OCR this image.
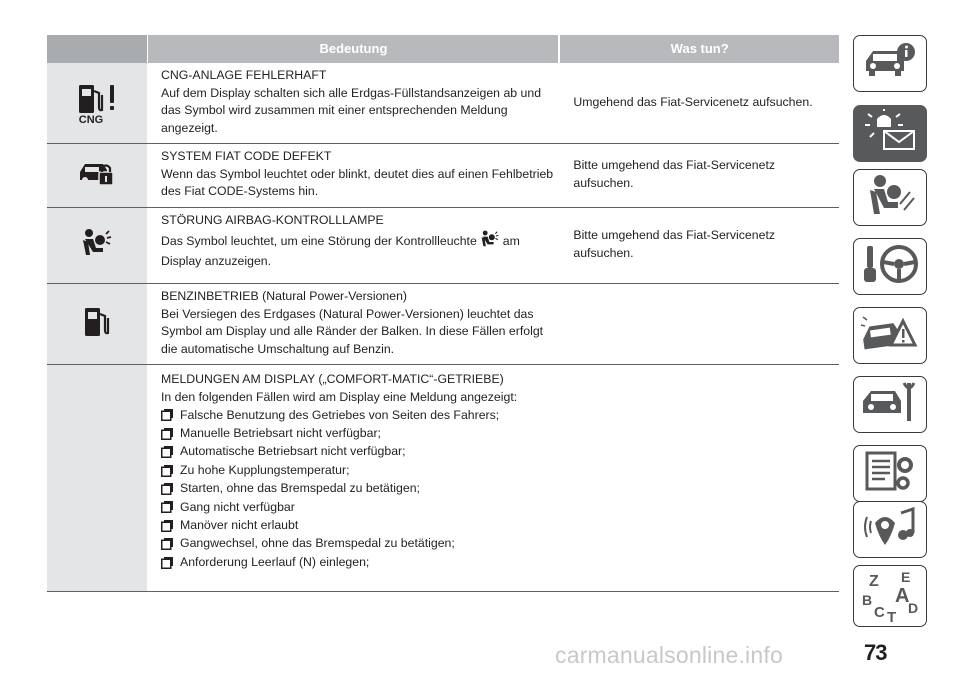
Bedeutung	Was tun?
CNG
CNG-ANLAGE FEHLERHAFT
Auf dem Display schalten sich alle Erdgas-Füllstandsanzeigen ab und das Symbol wird zusammen mit einer entsprechenden Meldung angezeigt.
Umgehend das Fiat-Servicenetz aufsuchen.
SYSTEM FIAT CODE DEFEKT
Wenn das Symbol leuchtet oder blinkt, deutet dies auf einen Fehlbetrieb des Fiat CODE-Systems hin.
Bitte umgehend das Fiat-Servicenetz aufsuchen.
STÖRUNG AIRBAG-KONTROLLLAMPE
Das Symbol leuchtet, um eine Störung der Kontrollleuchte am Display anzuzeigen.
Bitte umgehend das Fiat-Servicenetz aufsuchen.
BENZINBETRIEB (Natural Power-Versionen)
Bei Versiegen des Erdgases (Natural Power-Versionen) leuchtet das Symbol am Display und alle Ränder der Balken. In diese Fällen erfolgt die automatische Umschaltung auf Benzin.
MELDUNGEN AM DISPLAY („COMFORT-MATIC“-GETRIEBE)
In den folgenden Fällen wird am Display eine Meldung angezeigt:
Falsche Benutzung des Getriebes von Seiten des Fahrers;
Manuelle Betriebsart nicht verfügbar;
Automatische Betriebsart nicht verfügbar;
Zu hohe Kupplungstemperatur;
Starten, ohne das Bremspedal zu betätigen;
Gang nicht verfügbar
Manöver nicht erlaubt
Gangwechsel, ohne das Bremspedal zu betätigen;
Anforderung Leerlauf (N) einlegen;
Z E
A
B
C D
T
73
carmanualsonline.info
